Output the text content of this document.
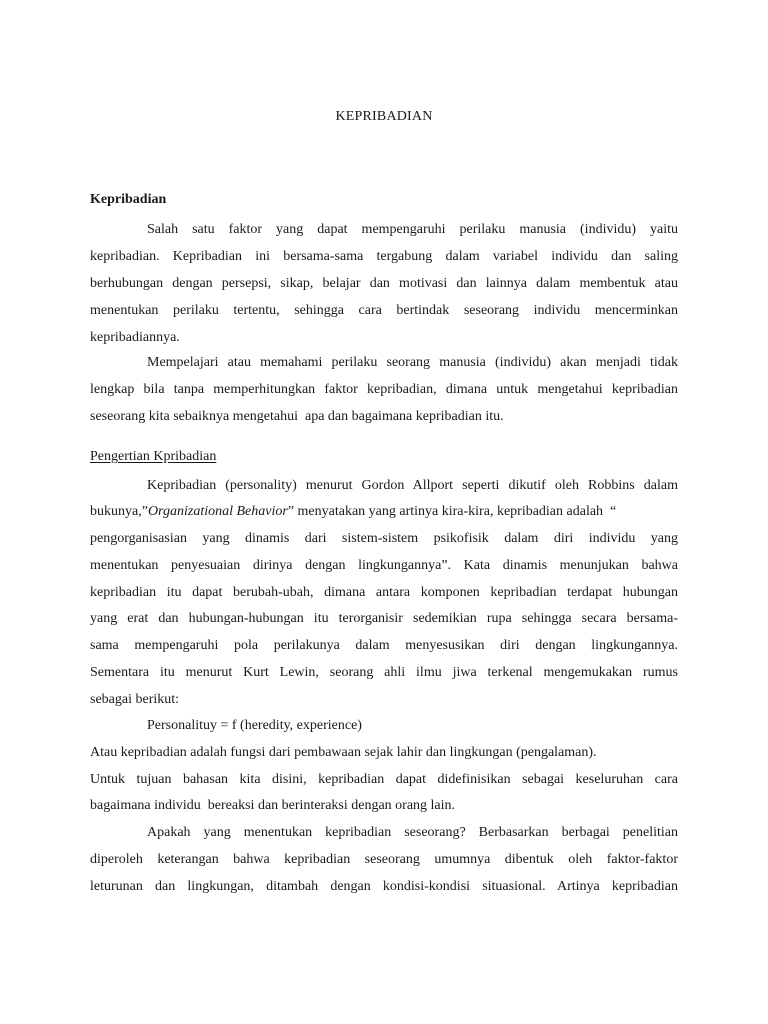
KEPRIBADIAN
Kepribadian
Salah satu faktor yang dapat mempengaruhi perilaku manusia (individu) yaitu
kepribadian. Kepribadian ini bersama-sama tergabung dalam variabel individu dan saling
berhubungan dengan persepsi, sikap, belajar dan motivasi dan lainnya dalam membentuk atau
menentukan perilaku tertentu, sehingga cara bertindak seseorang individu mencerminkan
kepribadiannya.
Mempelajari atau memahami perilaku seorang manusia (individu) akan menjadi tidak
lengkap bila tanpa memperhitungkan faktor kepribadian, dimana untuk mengetahui kepribadian
seseorang kita sebaiknya mengetahui  apa dan bagaimana kepribadian itu.
Pengertian Kpribadian
Kepribadian (personality) menurut Gordon Allport seperti dikutif oleh Robbins dalam
bukunya,”Organizational Behavior” menyatakan yang artinya kira-kira, kepribadian adalah  “
pengorganisasian yang dinamis dari sistem-sistem psikofisik dalam diri individu yang
menentukan penyesuaian dirinya dengan lingkungannya”. Kata dinamis menunjukan bahwa
kepribadian itu dapat berubah-ubah, dimana antara komponen kepribadian terdapat hubungan
yang erat dan hubungan-hubungan itu terorganisir sedemikian rupa sehingga secara bersama-
sama mempengaruhi pola perilakunya dalam menyesusikan diri dengan lingkungannya.
Sementara itu menurut Kurt Lewin, seorang ahli ilmu jiwa terkenal mengemukakan rumus
sebagai berikut:
Personalituy = f (heredity, experience)
Atau kepribadian adalah fungsi dari pembawaan sejak lahir dan lingkungan (pengalaman).
Untuk tujuan bahasan kita disini, kepribadian dapat didefinisikan sebagai keseluruhan cara
bagaimana individu  bereaksi dan berinteraksi dengan orang lain.
Apakah yang menentukan kepribadian seseorang? Berbasarkan berbagai penelitian
diperoleh keterangan bahwa kepribadian seseorang umumnya dibentuk oleh faktor-faktor
leturunan dan lingkungan, ditambah dengan kondisi-kondisi situasional. Artinya kepribadian
